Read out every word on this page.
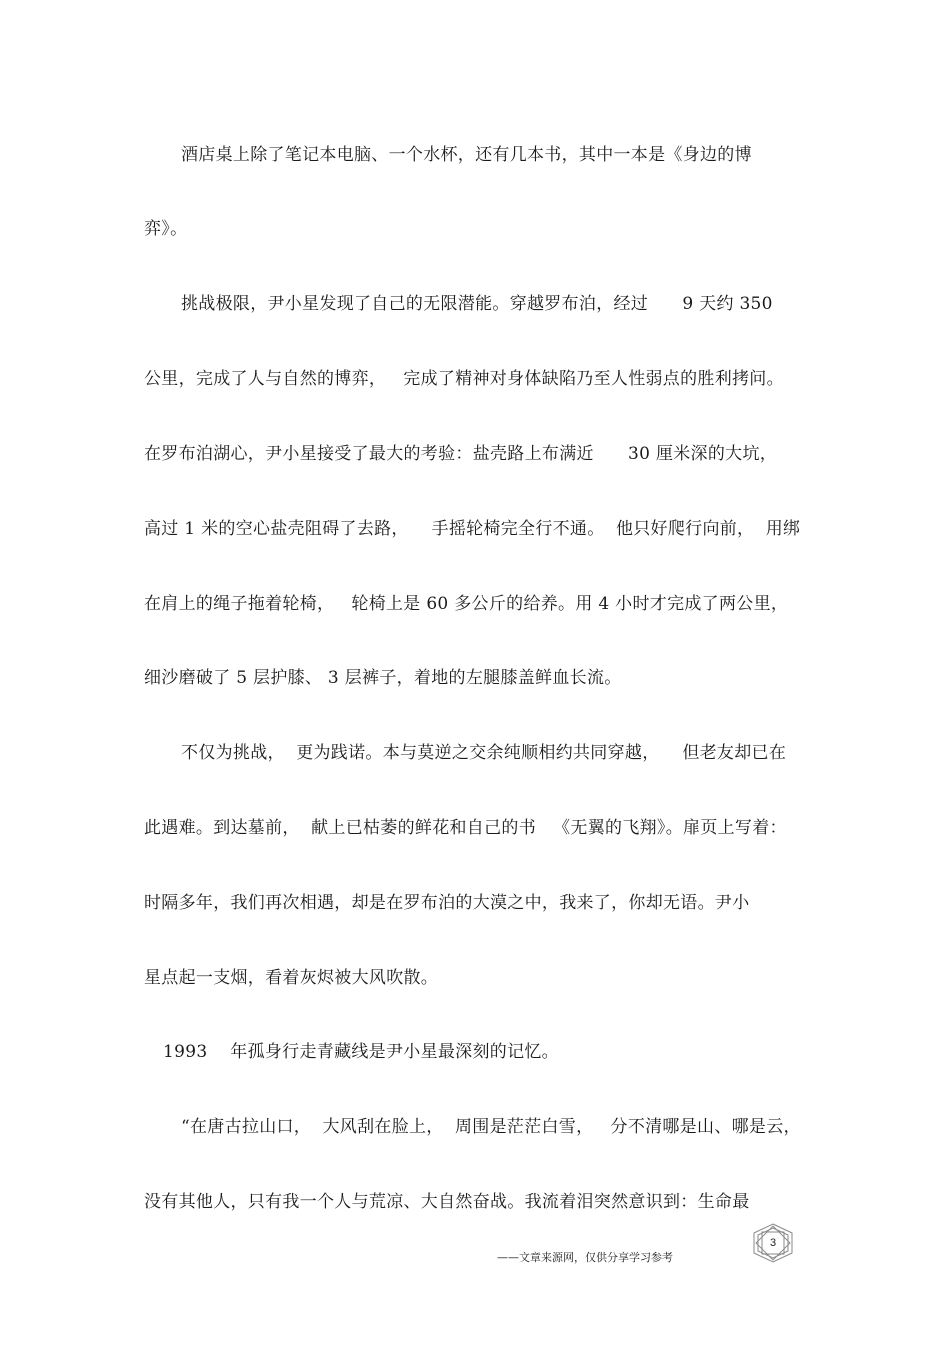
酒店桌上除了笔记本电脑、一个水杯，还有几本书，其中一本是《身边的博
弈》。
挑战极限，尹小星发现了自己的无限潜能。穿越罗布泊，经过      9 天约 350
公里，完成了人与自然的博弈，   完成了精神对身体缺陷乃至人性弱点的胜利拷问。
在罗布泊湖心，尹小星接受了最大的考验：盐壳路上布满近      30 厘米深的大坑，
高过 1 米的空心盐壳阻碍了去路，    手摇轮椅完全行不通。  他只好爬行向前，  用绑
在肩上的绳子拖着轮椅，   轮椅上是 60 多公斤的给养。用 4 小时才完成了两公里，
细沙磨破了 5 层护膝、 3 层裤子，着地的左腿膝盖鲜血长流。
不仅为挑战，  更为践诺。本与莫逆之交余纯顺相约共同穿越，    但老友却已在
此遇难。到达墓前，  献上已枯萎的鲜花和自己的书   《无翼的飞翔》。扉页上写着：
时隔多年，我们再次相遇，却是在罗布泊的大漠之中，我来了，你却无语。尹小
星点起一支烟，看着灰烬被大风吹散。
1993    年孤身行走青藏线是尹小星最深刻的记忆。
“在唐古拉山口，  大风刮在脸上，  周围是茫茫白雪，   分不清哪是山、哪是云，
没有其他人，只有我一个人与荒凉、大自然奋战。我流着泪突然意识到：生命最
3
——文章来源网，仅供分享学习参考
